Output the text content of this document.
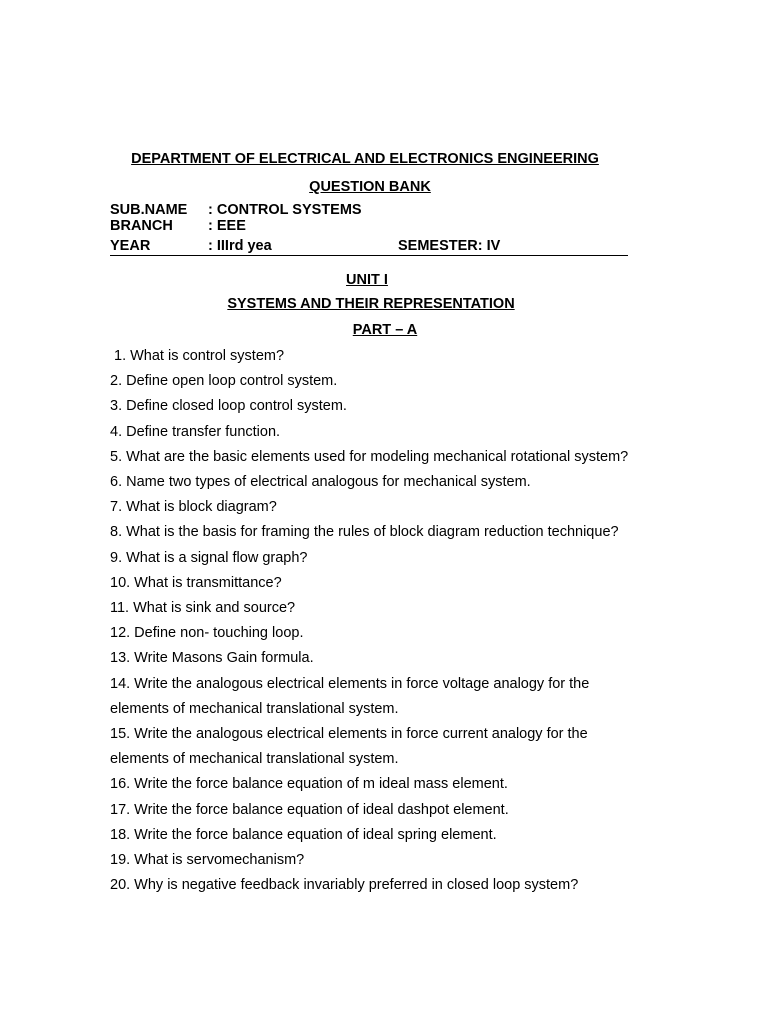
DEPARTMENT OF ELECTRICAL AND ELECTRONICS ENGINEERING
QUESTION BANK
SUB.NAME : CONTROL SYSTEMS
BRANCH : EEE
YEAR	: IIIrd yea	SEMESTER: IV
UNIT I
SYSTEMS AND THEIR REPRESENTATION
PART – A
1. What is control system?
2. Define open loop control system.
3. Define closed loop control system.
4. Define transfer function.
5. What are the basic elements used for modeling mechanical rotational system?
6. Name two types of electrical analogous for mechanical system.
7. What is block diagram?
8. What is the basis for framing the rules of block diagram reduction technique?
9. What is a signal flow graph?
10. What is transmittance?
11. What is sink and source?
12. Define non- touching loop.
13. Write Masons Gain formula.
14. Write the analogous electrical elements in force voltage analogy for the
elements of mechanical translational system.
15. Write the analogous electrical elements in force current analogy for the
elements of mechanical translational system.
16. Write the force balance equation of m ideal mass element.
17. Write the force balance equation of ideal dashpot element.
18. Write the force balance equation of ideal spring element.
19. What is servomechanism?
20. Why is negative feedback invariably preferred in closed loop system?
